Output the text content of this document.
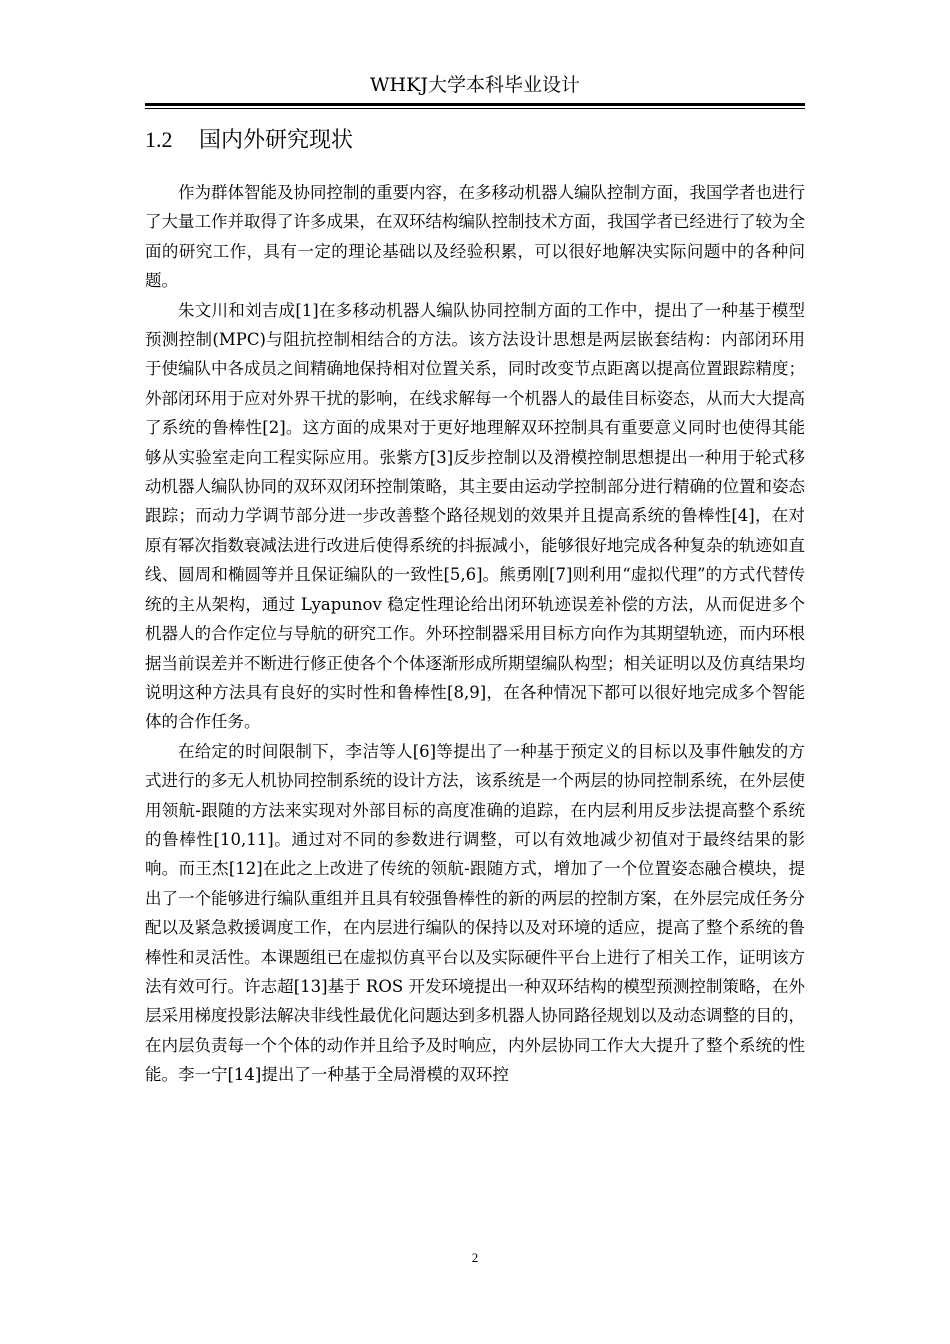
WHKJ大学本科毕业设计
1.2 国内外研究现状

作为群体智能及协同控制的重要内容，在多移动机器人编队控制方面，我国学者也进行了大量工作并取得了许多成果，在双环结构编队控制技术方面，我国学者已经进行了较为全面的研究工作，具有一定的理论基础以及经验积累，可以很好地解决实际问题中的各种问题。

朱文川和刘吉成[1]在多移动机器人编队协同控制方面的工作中，提出了一种基于模型预测控制(MPC)与阻抗控制相结合的方法。该方法设计思想是两层嵌套结构：内部闭环用于使编队中各成员之间精确地保持相对位置关系，同时改变节点距离以提高位置跟踪精度；外部闭环用于应对外界干扰的影响，在线求解每一个机器人的最佳目标姿态，从而大大提高了系统的鲁棒性[2]。这方面的成果对于更好地理解双环控制具有重要意义同时也使得其能够从实验室走向工程实际应用。张紫方[3]反步控制以及滑模控制思想提出一种用于轮式移动机器人编队协同的双环双闭环控制策略，其主要由运动学控制部分进行精确的位置和姿态跟踪；而动力学调节部分进一步改善整个路径规划的效果并且提高系统的鲁棒性[4]，在对原有幂次指数衰减法进行改进后使得系统的抖振减小，能够很好地完成各种复杂的轨迹如直线、圆周和椭圆等并且保证编队的一致性[5,6]。熊勇刚[7]则利用“虚拟代理”的方式代替传统的主从架构，通过 Lyapunov 稳定性理论给出闭环轨迹误差补偿的方法，从而促进多个机器人的合作定位与导航的研究工作。外环控制器采用目标方向作为其期望轨迹，而内环根据当前误差并不断进行修正使各个个体逐渐形成所期望编队构型；相关证明以及仿真结果均说明这种方法具有良好的实时性和鲁棒性[8,9]，在各种情况下都可以很好地完成多个智能体的合作任务。

在给定的时间限制下，李洁等人[6]等提出了一种基于预定义的目标以及事件触发的方式进行的多无人机协同控制系统的设计方法，该系统是一个两层的协同控制系统，在外层使用领航-跟随的方法来实现对外部目标的高度准确的追踪，在内层利用反步法提高整个系统的鲁棒性[10,11]。通过对不同的参数进行调整，可以有效地减少初值对于最终结果的影响。而王杰[12]在此之上改进了传统的领航-跟随方式，增加了一个位置姿态融合模块，提出了一个能够进行编队重组并且具有较强鲁棒性的新的两层的控制方案，在外层完成任务分配以及紧急救援调度工作，在内层进行编队的保持以及对环境的适应，提高了整个系统的鲁棒性和灵活性。本课题组已在虚拟仿真平台以及实际硬件平台上进行了相关工作，证明该方法有效可行。许志超[13]基于 ROS 开发环境提出一种双环结构的模型预测控制策略，在外层采用梯度投影法解决非线性最优化问题达到多机器人协同路径规划以及动态调整的目的，在内层负责每一个个体的动作并且给予及时响应，内外层协同工作大大提升了整个系统的性能。李一宁[14]提出了一种基于全局滑模的双环控

2
